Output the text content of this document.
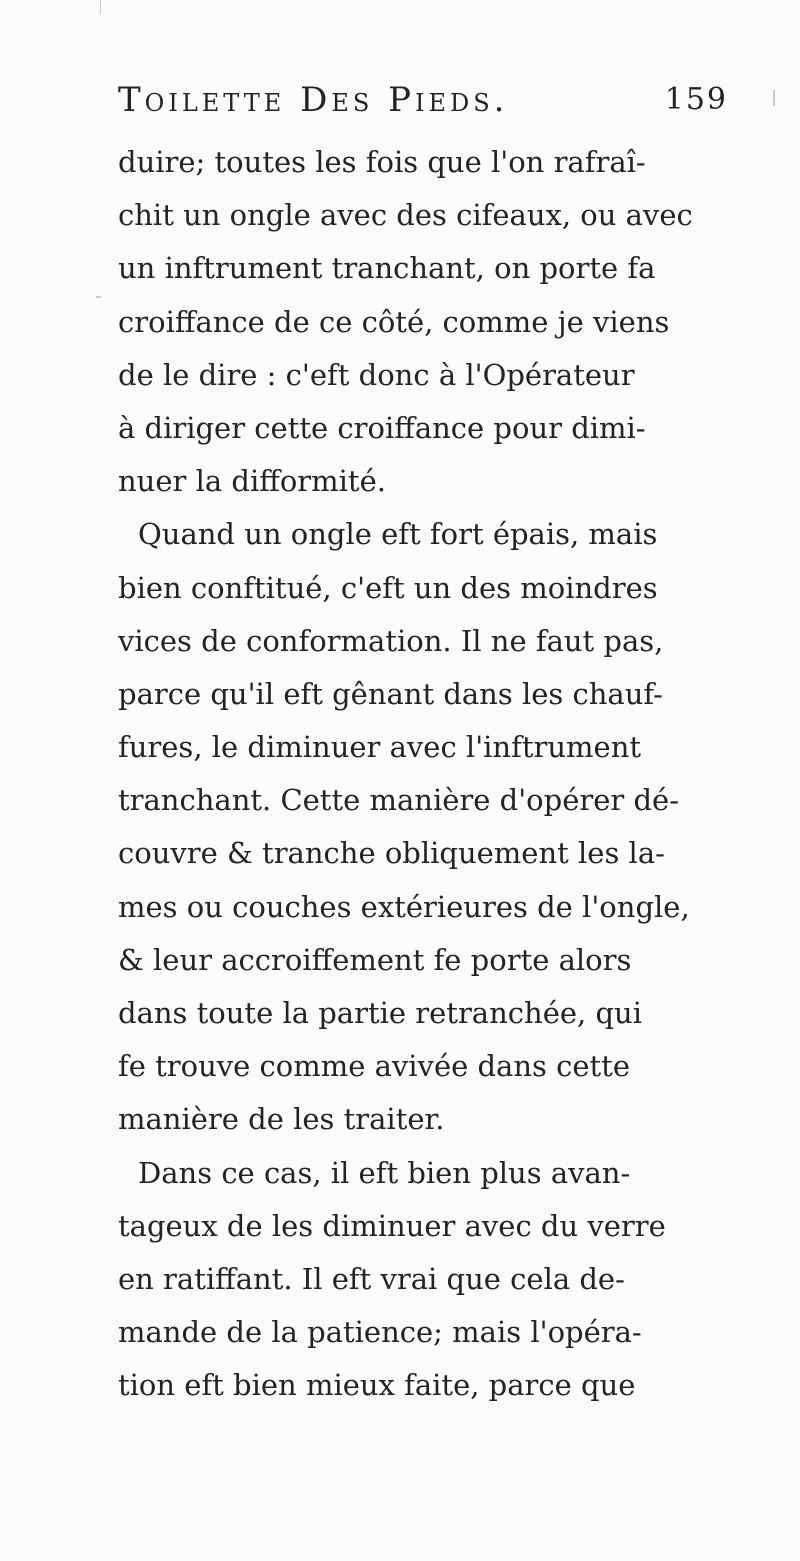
Toilette Des Pieds.	159
duire; toutes les fois que l'on rafraî-
chit un ongle avec des cifeaux, ou avec
un inftrument tranchant, on porte fa
croiffance de ce côté, comme je viens
de le dire : c'eft donc à l'Opérateur
à diriger cette croiffance pour dimi-
nuer la difformité.
Quand un ongle eft fort épais, mais
bien conftitué, c'eft un des moindres
vices de conformation. Il ne faut pas,
parce qu'il eft gênant dans les chauf-
fures, le diminuer avec l'inftrument
tranchant. Cette manière d'opérer dé-
couvre & tranche obliquement les la-
mes ou couches extérieures de l'ongle,
& leur accroiffement fe porte alors
dans toute la partie retranchée, qui
fe trouve comme avivée dans cette
manière de les traiter.
Dans ce cas, il eft bien plus avan-
tageux de les diminuer avec du verre
en ratiffant. Il eft vrai que cela de-
mande de la patience; mais l'opéra-
tion eft bien mieux faite, parce que
